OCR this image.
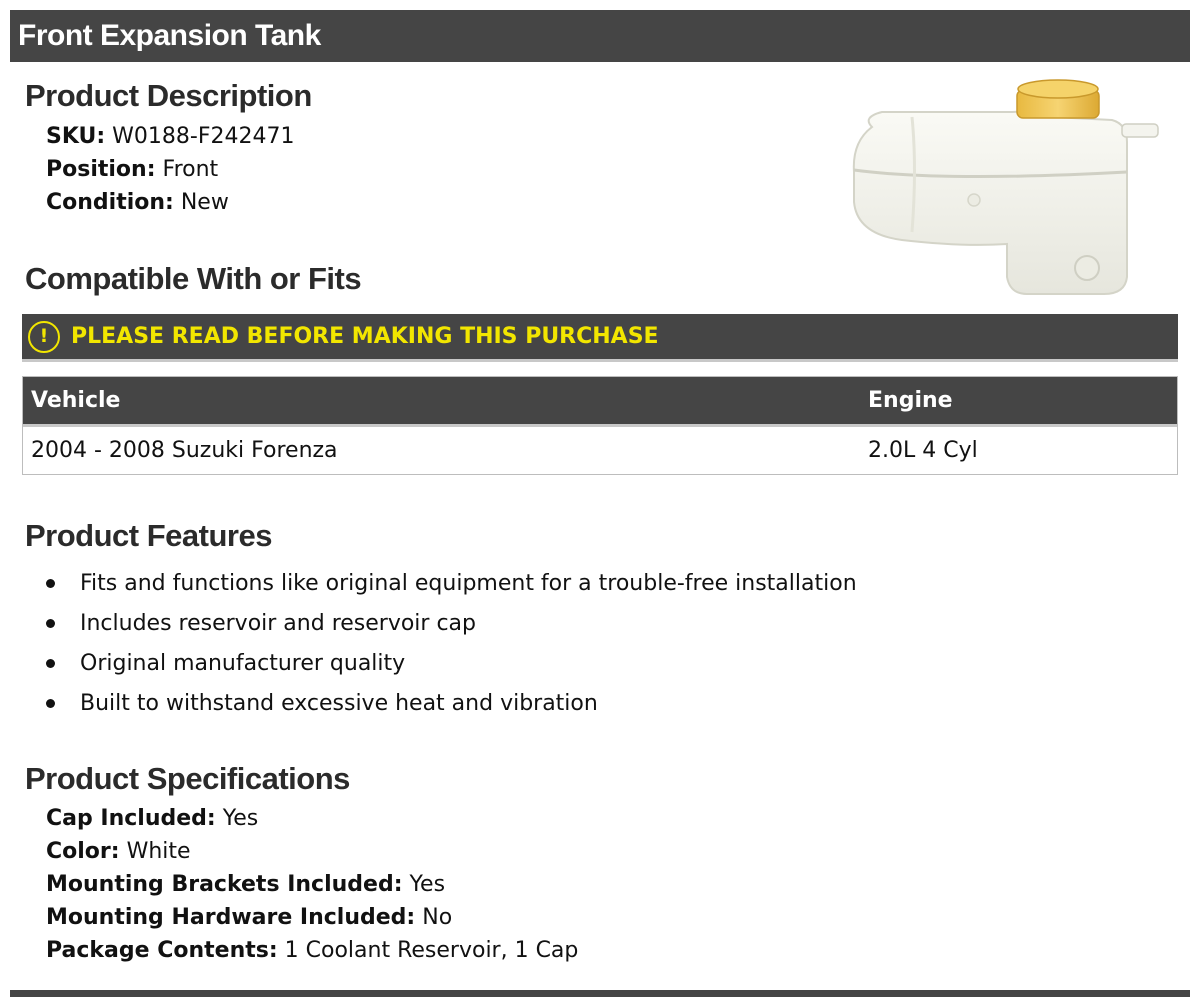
Front Expansion Tank
Product Description
SKU: W0188-F242471
Position: Front
Condition: New
Compatible With or Fits
!	PLEASE READ BEFORE MAKING THIS PURCHASE
Vehicle	Engine
2004 - 2008 Suzuki Forenza	2.0L 4 Cyl
Product Features
Fits and functions like original equipment for a trouble-free installation
Includes reservoir and reservoir cap
Original manufacturer quality
Built to withstand excessive heat and vibration
Product Specifications
Cap Included: Yes
Color: White
Mounting Brackets Included: Yes
Mounting Hardware Included: No
Package Contents: 1 Coolant Reservoir, 1 Cap
